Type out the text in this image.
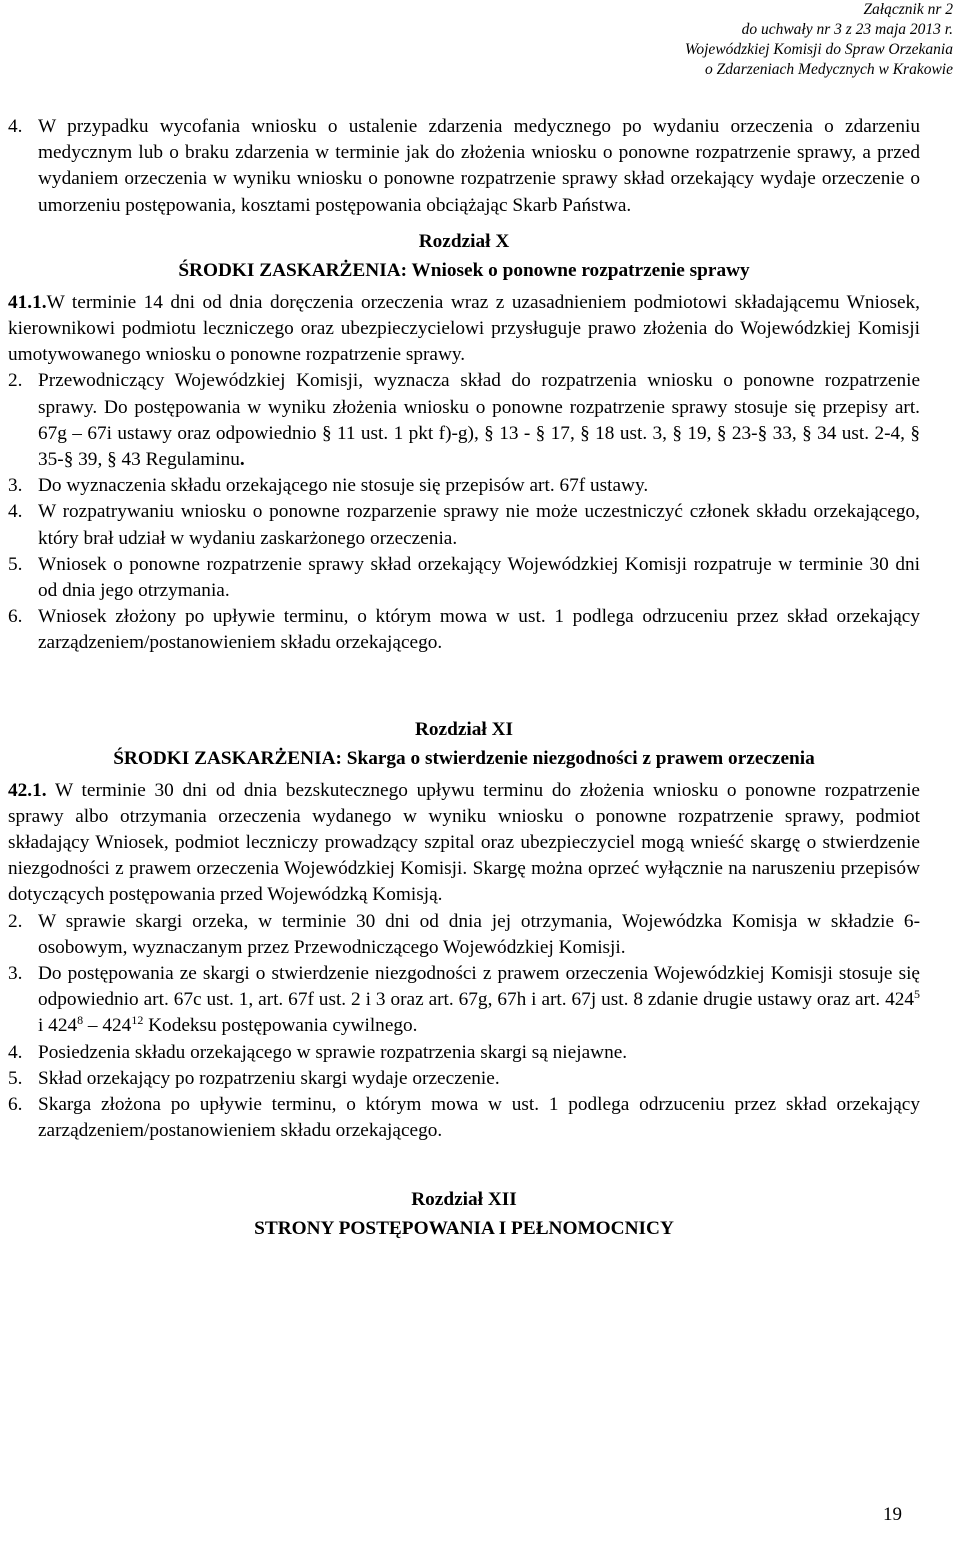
Załącznik nr 2
do uchwały nr 3 z 23 maja 2013 r.
Wojewódzkiej Komisji do Spraw Orzekania
o Zdarzeniach Medycznych w Krakowie
4. W przypadku wycofania wniosku o ustalenie zdarzenia medycznego po wydaniu orzeczenia o zdarzeniu medycznym lub o braku zdarzenia w terminie jak do złożenia wniosku o ponowne rozpatrzenie sprawy, a przed wydaniem orzeczenia w wyniku wniosku o ponowne rozpatrzenie sprawy skład orzekający wydaje orzeczenie o umorzeniu postępowania, kosztami postępowania obciążając Skarb Państwa.
Rozdział X
ŚRODKI ZASKARŻENIA: Wniosek o ponowne rozpatrzenie sprawy
41.1.W terminie 14 dni od dnia doręczenia orzeczenia wraz z uzasadnieniem podmiotowi składającemu Wniosek, kierownikowi podmiotu leczniczego oraz ubezpieczycielowi przysługuje prawo złożenia do Wojewódzkiej Komisji umotywowanego wniosku o ponowne rozpatrzenie sprawy.
2. Przewodniczący Wojewódzkiej Komisji, wyznacza skład do rozpatrzenia wniosku o ponowne rozpatrzenie sprawy. Do postępowania w wyniku złożenia wniosku o ponowne rozpatrzenie sprawy stosuje się przepisy art. 67g – 67i ustawy oraz odpowiednio § 11 ust. 1 pkt f)-g), § 13 - § 17, § 18 ust. 3, § 19, § 23-§ 33, § 34 ust. 2-4, § 35-§ 39, § 43 Regulaminu.
3. Do wyznaczenia składu orzekającego nie stosuje się przepisów art. 67f ustawy.
4. W rozpatrywaniu wniosku o ponowne rozparzenie sprawy nie może uczestniczyć członek składu orzekającego, który brał udział w wydaniu zaskarżonego orzeczenia.
5. Wniosek o ponowne rozpatrzenie sprawy skład orzekający Wojewódzkiej Komisji rozpatruje w terminie 30 dni od dnia jego otrzymania.
6. Wniosek złożony po upływie terminu, o którym mowa w ust. 1 podlega odrzuceniu przez skład orzekający zarządzeniem/postanowieniem składu orzekającego.
Rozdział XI
ŚRODKI ZASKARŻENIA: Skarga o stwierdzenie niezgodności z prawem orzeczenia
42.1. W terminie 30 dni od dnia bezskutecznego upływu terminu do złożenia wniosku o ponowne rozpatrzenie sprawy albo otrzymania orzeczenia wydanego w wyniku wniosku o ponowne rozpatrzenie sprawy, podmiot składający Wniosek, podmiot leczniczy prowadzący szpital oraz ubezpieczyciel mogą wnieść skargę o stwierdzenie niezgodności z prawem orzeczenia Wojewódzkiej Komisji. Skargę można oprzeć wyłącznie na naruszeniu przepisów dotyczących postępowania przed Wojewódzką Komisją.
2. W sprawie skargi orzeka, w terminie 30 dni od dnia jej otrzymania, Wojewódzka Komisja w składzie 6-osobowym, wyznaczanym przez Przewodniczącego Wojewódzkiej Komisji.
3. Do postępowania ze skargi o stwierdzenie niezgodności z prawem orzeczenia Wojewódzkiej Komisji stosuje się odpowiednio art. 67c ust. 1, art. 67f ust. 2 i 3 oraz art. 67g, 67h i art. 67j ust. 8 zdanie drugie ustawy oraz art. $424^5$ i $424^8 - 424^{12}$ Kodeksu postępowania cywilnego.
4. Posiedzenia składu orzekającego w sprawie rozpatrzenia skargi są niejawne.
5. Skład orzekający po rozpatrzeniu skargi wydaje orzeczenie.
6. Skarga złożona po upływie terminu, o którym mowa w ust. 1 podlega odrzuceniu przez skład orzekający zarządzeniem/postanowieniem składu orzekającego.
Rozdział XII
STRONY POSTĘPOWANIA I PEŁNOMOCNICY
19
